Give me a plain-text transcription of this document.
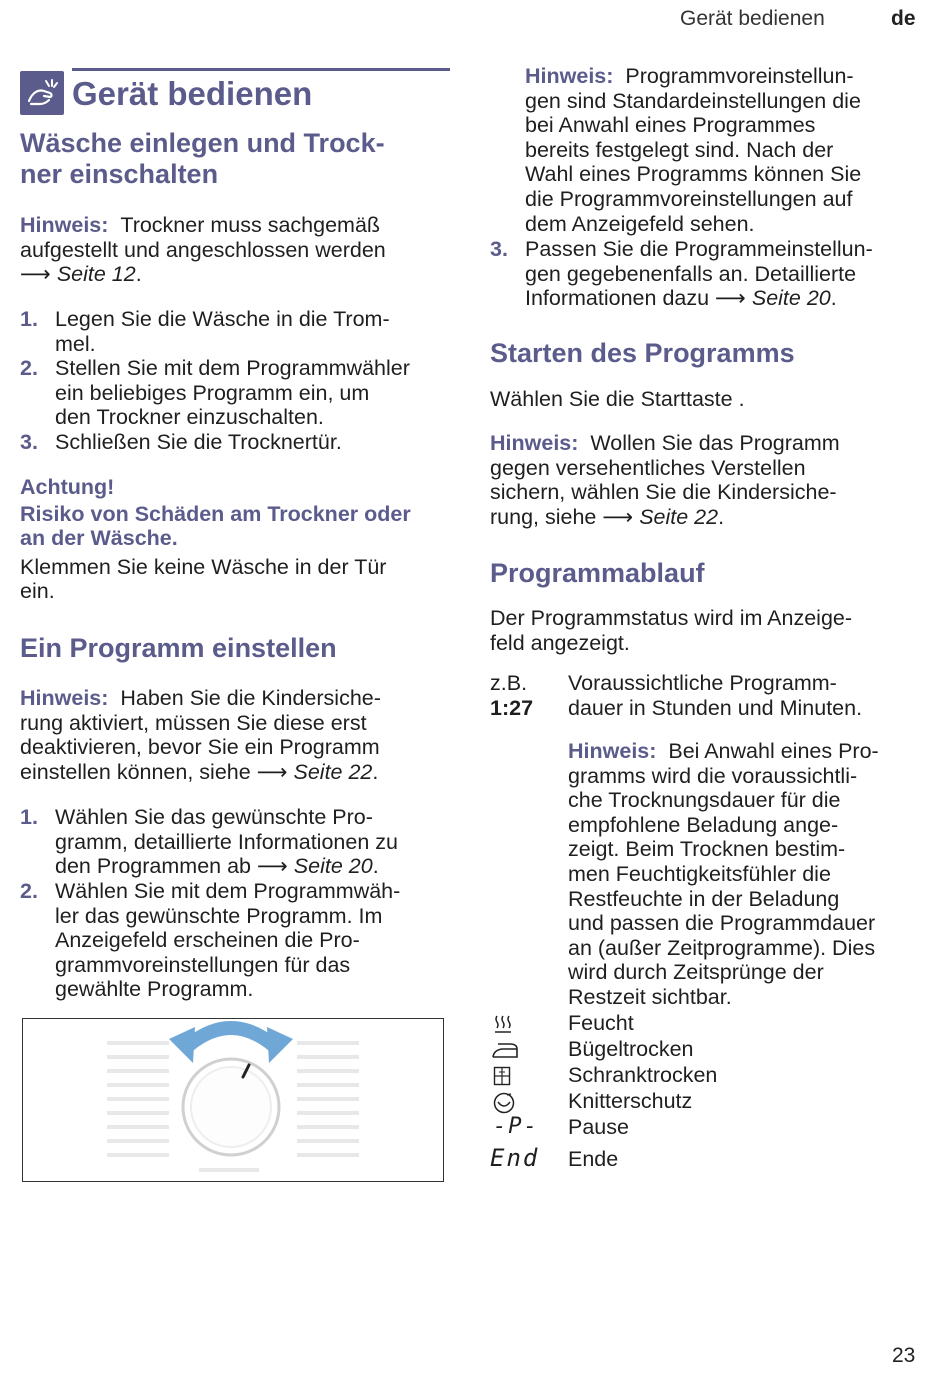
Gerät bedienen	de
Gerät bedienen
Wäsche einlegen und Trock-
ner einschalten

Hinweis: Trockner muss sachgemäß

aufgestellt und angeschlossen werden

⟶ Seite 12.

1. Legen Sie die Wäsche in die Trom-

mel.

2. Stellen Sie mit dem Programmwähler

ein beliebiges Programm ein, um

den Trockner einzuschalten.

3. Schließen Sie die Trocknertür.

Achtung!

Risiko von Schäden am Trockner oder

an der Wäsche.

Klemmen Sie keine Wäsche in der Tür

ein.

Ein Programm einstellen

Hinweis: Haben Sie die Kindersiche-

rung aktiviert, müssen Sie diese erst

deaktivieren, bevor Sie ein Programm

einstellen können, siehe ⟶ Seite 22.

1. Wählen Sie das gewünschte Pro-

gramm, detaillierte Informationen zu

den Programmen ab ⟶ Seite 20.

2. Wählen Sie mit dem Programmwäh-

ler das gewünschte Programm. Im

Anzeigefeld erscheinen die Pro-

grammvoreinstellungen für das

gewählte Programm.

Hinweis: Programmvoreinstellun-

gen sind Standardeinstellungen die

bei Anwahl eines Programmes

bereits festgelegt sind. Nach der

Wahl eines Programms können Sie

die Programmvoreinstellungen auf

dem Anzeigefeld sehen.

3. Passen Sie die Programmeinstellun-

gen gegebenenfalls an. Detaillierte

Informationen dazu ⟶ Seite 20.

Starten des Programms

Wählen Sie die Starttaste .

Hinweis: Wollen Sie das Programm

gegen versehentliches Verstellen

sichern, wählen Sie die Kindersiche-

rung, siehe ⟶ Seite 22.

Programmablauf

Der Programmstatus wird im Anzeige-

feld angezeigt.

z.B.

1:27

Voraussichtliche Programm-

dauer in Stunden und Minuten.

Hinweis: Bei Anwahl eines Pro-

gramms wird die voraussichtli-

che Trocknungsdauer für die

empfohlene Beladung ange-

zeigt. Beim Trocknen bestim-

men Feuchtigkeitsfühler die

Restfeuchte in der Beladung

und passen die Programmdauer

an (außer Zeitprogramme). Dies

wird durch Zeitsprünge der

Restzeit sichtbar.

Feucht
Bügeltrocken
Schranktrocken
Knitterschutz
-P- Pause
End Ende
23
